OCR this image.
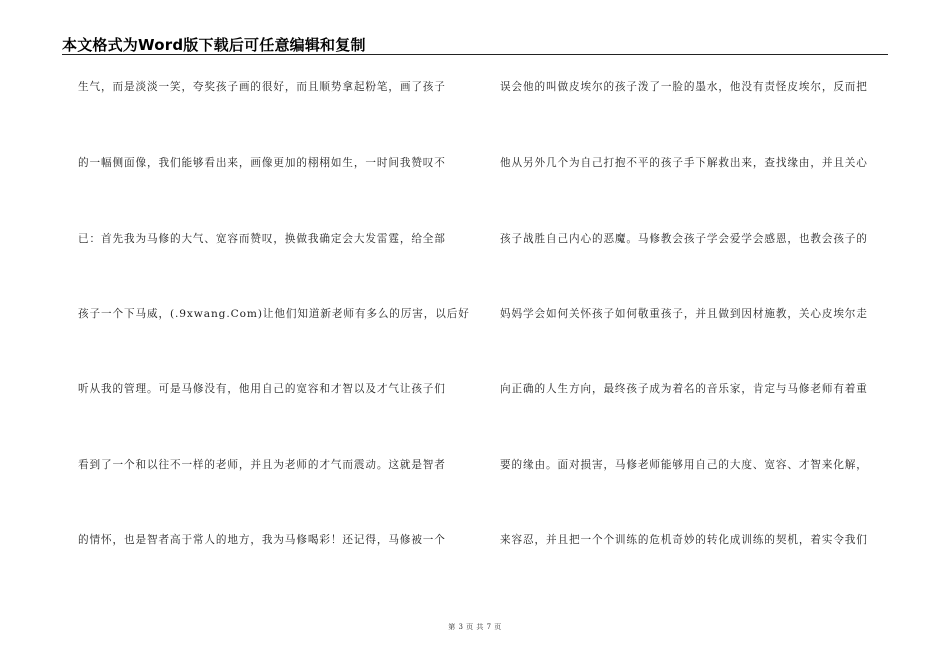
本文格式为Word版下载后可任意编辑和复制
生气，而是淡淡一笑，夸奖孩子画的很好，而且顺势拿起粉笔，画了孩子
的一幅侧面像，我们能够看出来，画像更加的栩栩如生，一时间我赞叹不
已：首先我为马修的大气、宽容而赞叹，换做我确定会大发雷霆，给全部
孩子一个下马威，(.9xwang.Com)让他们知道新老师有多么的厉害，以后好
听从我的管理。可是马修没有，他用自己的宽容和才智以及才气让孩子们
看到了一个和以往不一样的老师，并且为老师的才气而震动。这就是智者
的情怀，也是智者高于常人的地方，我为马修喝彩！还记得，马修被一个
误会他的叫做皮埃尔的孩子泼了一脸的墨水，他没有责怪皮埃尔，反而把
他从另外几个为自己打抱不平的孩子手下解救出来，查找缘由，并且关心
孩子战胜自己内心的恶魔。马修教会孩子学会爱学会感恩，也教会孩子的
妈妈学会如何关怀孩子如何敬重孩子，并且做到因材施教，关心皮埃尔走
向正确的人生方向，最终孩子成为着名的音乐家，肯定与马修老师有着重
要的缘由。面对损害，马修老师能够用自己的大度、宽容、才智来化解，
来容忍，并且把一个个训练的危机奇妙的转化成训练的契机，着实令我们
第 3 页 共 7 页
